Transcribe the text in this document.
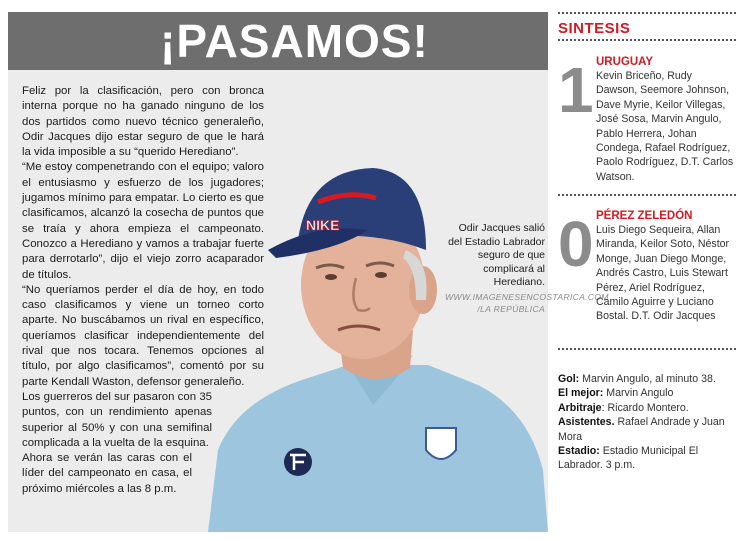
¡PASAMOS!

Feliz por la clasificación, pero con bronca interna porque no ha ganado ninguno de los dos partidos como nuevo técnico generaleño, Odir Jacques dijo estar seguro de que le hará la vida imposible a su “querido Herediano”.

“Me estoy compenetrando con el equipo; valoro el entusiasmo y esfuerzo de los jugadores; jugamos mínimo para empatar. Lo cierto es que clasificamos, alcanzó la cosecha de puntos que se traía y ahora empieza el campeonato. Conozco a Herediano y vamos a trabajar fuerte para derrotarlo”, dijo el viejo zorro acaparador de títulos.

“No queríamos perder el día de hoy, en todo caso clasificamos y viene un torneo corto aparte. No buscábamos un rival en específico, queríamos clasificar independientemente del rival que nos tocara. Tenemos opciones al título, por algo clasificamos”, comentó por su parte Kendall Waston, defensor generaleño.

Los guerreros del sur pasaron con 35 puntos, con un rendimiento apenas superior al 50% y con una semifinal complicada a la vuelta de la esquina.

Ahora se verán las caras con el líder del campeonato en casa, el próximo miércoles a las 8 p.m.

NIKE	Odir Jacques salió del Estadio Labrador seguro de que complicará al Herediano.
WWW.IMAGENESENCOSTARICA.COM /LA REPÚBLICA
SINTESIS
1 URUGUAY
Kevin Briceño, Rudy Dawson, Seemore Johnson, Dave Myrie, Keilor Villegas, José Sosa, Marvin Angulo, Pablo Herrera, Johan Condega, Rafael Rodríguez, Paolo Rodríguez, D.T. Carlos Watson.
0 PÉREZ ZELEDÓN
Luis Diego Sequeira, Allan Miranda, Keilor Soto, Néstor Monge, Juan Diego Monge, Andrés Castro, Luis Stewart Pérez, Ariel Rodríguez, Camilo Aguirre y Luciano Bostal. D.T. Odir Jacques

Gol: Marvin Angulo, al minuto 38.

El mejor: Marvin Angulo

Arbitraje: Ricardo Montero.

Asistentes. Rafael Andrade y Juan Mora

Estadio: Estadio Municipal El Labrador. 3 p.m.
